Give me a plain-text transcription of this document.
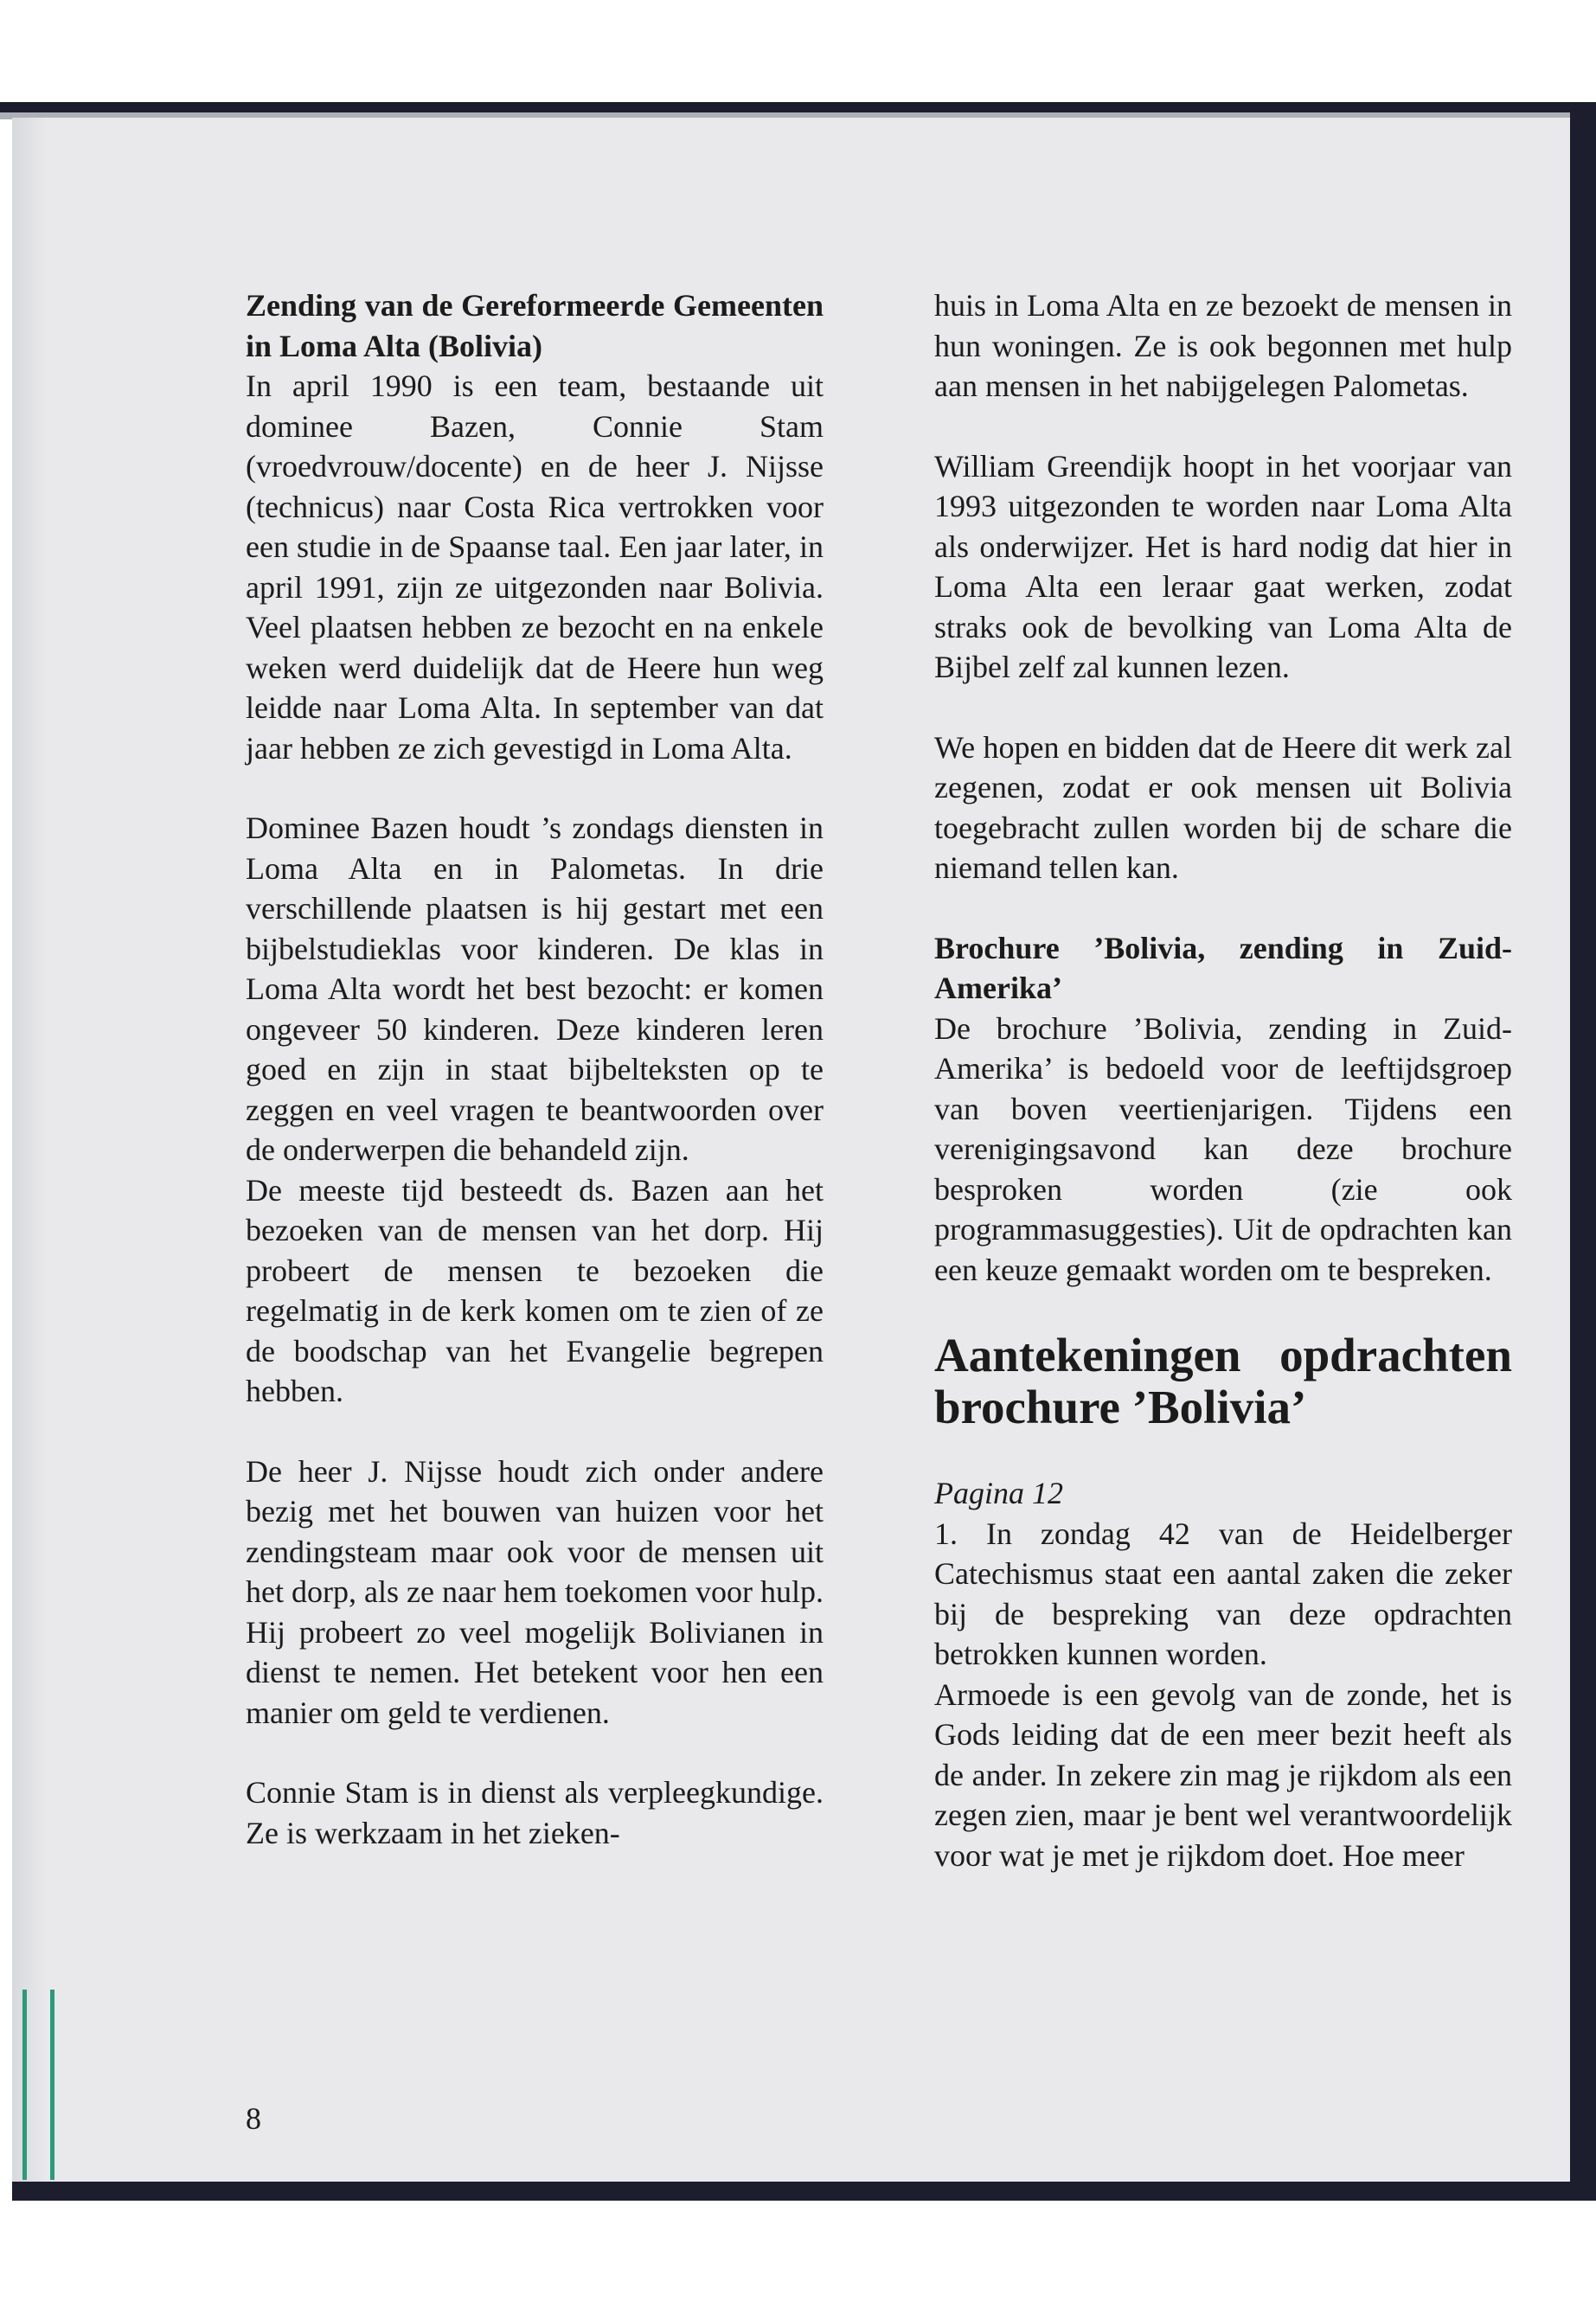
Zending van de Gereformeerde Gemeenten in Loma Alta (Bolivia)

In april 1990 is een team, bestaande uit dominee Bazen, Connie Stam (vroedvrouw/docente) en de heer J. Nijsse (technicus) naar Costa Rica vertrokken voor een studie in de Spaanse taal. Een jaar later, in april 1991, zijn ze uitgezonden naar Bolivia. Veel plaatsen hebben ze bezocht en na enkele weken werd duidelijk dat de Heere hun weg leidde naar Loma Alta. In september van dat jaar hebben ze zich gevestigd in Loma Alta.

Dominee Bazen houdt ’s zondags diensten in Loma Alta en in Palometas. In drie verschillende plaatsen is hij gestart met een bijbelstudieklas voor kinderen. De klas in Loma Alta wordt het best bezocht: er komen ongeveer 50 kinderen. Deze kinderen leren goed en zijn in staat bijbelteksten op te zeggen en veel vragen te beantwoorden over de onderwerpen die behandeld zijn.

De meeste tijd besteedt ds. Bazen aan het bezoeken van de mensen van het dorp. Hij probeert de mensen te bezoeken die regelmatig in de kerk komen om te zien of ze de boodschap van het Evangelie begrepen hebben.

De heer J. Nijsse houdt zich onder andere bezig met het bouwen van huizen voor het zendingsteam maar ook voor de mensen uit het dorp, als ze naar hem toekomen voor hulp. Hij probeert zo veel mogelijk Bolivianen in dienst te nemen. Het betekent voor hen een manier om geld te verdienen.

Connie Stam is in dienst als verpleegkundige. Ze is werkzaam in het zieken-

huis in Loma Alta en ze bezoekt de mensen in hun woningen. Ze is ook begonnen met hulp aan mensen in het nabijgelegen Palometas.

William Greendijk hoopt in het voorjaar van 1993 uitgezonden te worden naar Loma Alta als onderwijzer. Het is hard nodig dat hier in Loma Alta een leraar gaat werken, zodat straks ook de bevolking van Loma Alta de Bijbel zelf zal kunnen lezen.

We hopen en bidden dat de Heere dit werk zal zegenen, zodat er ook mensen uit Bolivia toegebracht zullen worden bij de schare die niemand tellen kan.

Brochure ’Bolivia, zending in Zuid-Amerika’

De brochure ’Bolivia, zending in Zuid-Amerika’ is bedoeld voor de leeftijdsgroep van boven veertienjarigen. Tijdens een verenigingsavond kan deze brochure besproken worden (zie ook programmasuggesties). Uit de opdrachten kan een keuze gemaakt worden om te bespreken.

Aantekeningen opdrachten brochure ’Bolivia’

Pagina 12

1. In zondag 42 van de Heidelberger Catechismus staat een aantal zaken die zeker bij de bespreking van deze opdrachten betrokken kunnen worden.

Armoede is een gevolg van de zonde, het is Gods leiding dat de een meer bezit heeft als de ander. In zekere zin mag je rijkdom als een zegen zien, maar je bent wel verantwoordelijk voor wat je met je rijkdom doet. Hoe meer

8
